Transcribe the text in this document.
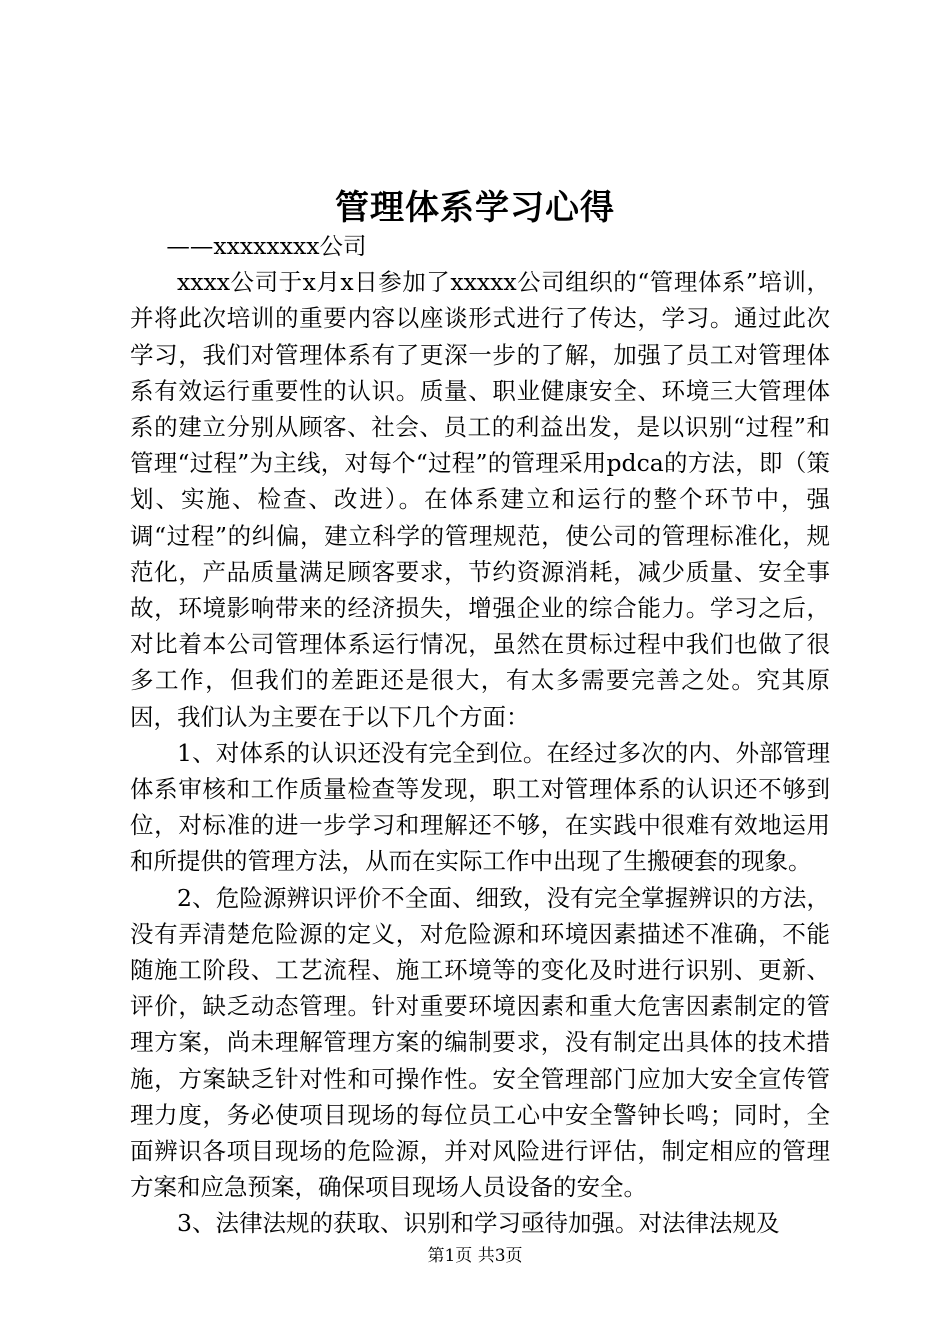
管理体系学习心得

——xxxxxxxx公司

xxxx公司于x月x日参加了xxxxx公司组织的“管理体系”培训，并将此次培训的重要内容以座谈形式进行了传达，学习。通过此次学习，我们对管理体系有了更深一步的了解，加强了员工对管理体系有效运行重要性的认识。质量、职业健康安全、环境三大管理体系的建立分别从顾客、社会、员工的利益出发，是以识别“过程”和管理“过程”为主线，对每个“过程”的管理采用pdca的方法，即（策划、实施、检查、改进）。在体系建立和运行的整个环节中，强调“过程”的纠偏，建立科学的管理规范，使公司的管理标准化，规范化，产品质量满足顾客要求，节约资源消耗，减少质量、安全事故，环境影响带来的经济损失，增强企业的综合能力。学习之后，对比着本公司管理体系运行情况，虽然在贯标过程中我们也做了很多工作，但我们的差距还是很大，有太多需要完善之处。究其原因，我们认为主要在于以下几个方面：

1、对体系的认识还没有完全到位。在经过多次的内、外部管理体系审核和工作质量检查等发现，职工对管理体系的认识还不够到位，对标准的进一步学习和理解还不够，在实践中很难有效地运用和所提供的管理方法，从而在实际工作中出现了生搬硬套的现象。

2、危险源辨识评价不全面、细致，没有完全掌握辨识的方法，没有弄清楚危险源的定义，对危险源和环境因素描述不准确，不能随施工阶段、工艺流程、施工环境等的变化及时进行识别、更新、评价，缺乏动态管理。针对重要环境因素和重大危害因素制定的管理方案，尚未理解管理方案的编制要求，没有制定出具体的技术措施，方案缺乏针对性和可操作性。安全管理部门应加大安全宣传管理力度，务必使项目现场的每位员工心中安全警钟长鸣；同时，全面辨识各项目现场的危险源，并对风险进行评估，制定相应的管理方案和应急预案，确保项目现场人员设备的安全。

3、法律法规的获取、识别和学习亟待加强。对法律法规及

第1页 共3页
